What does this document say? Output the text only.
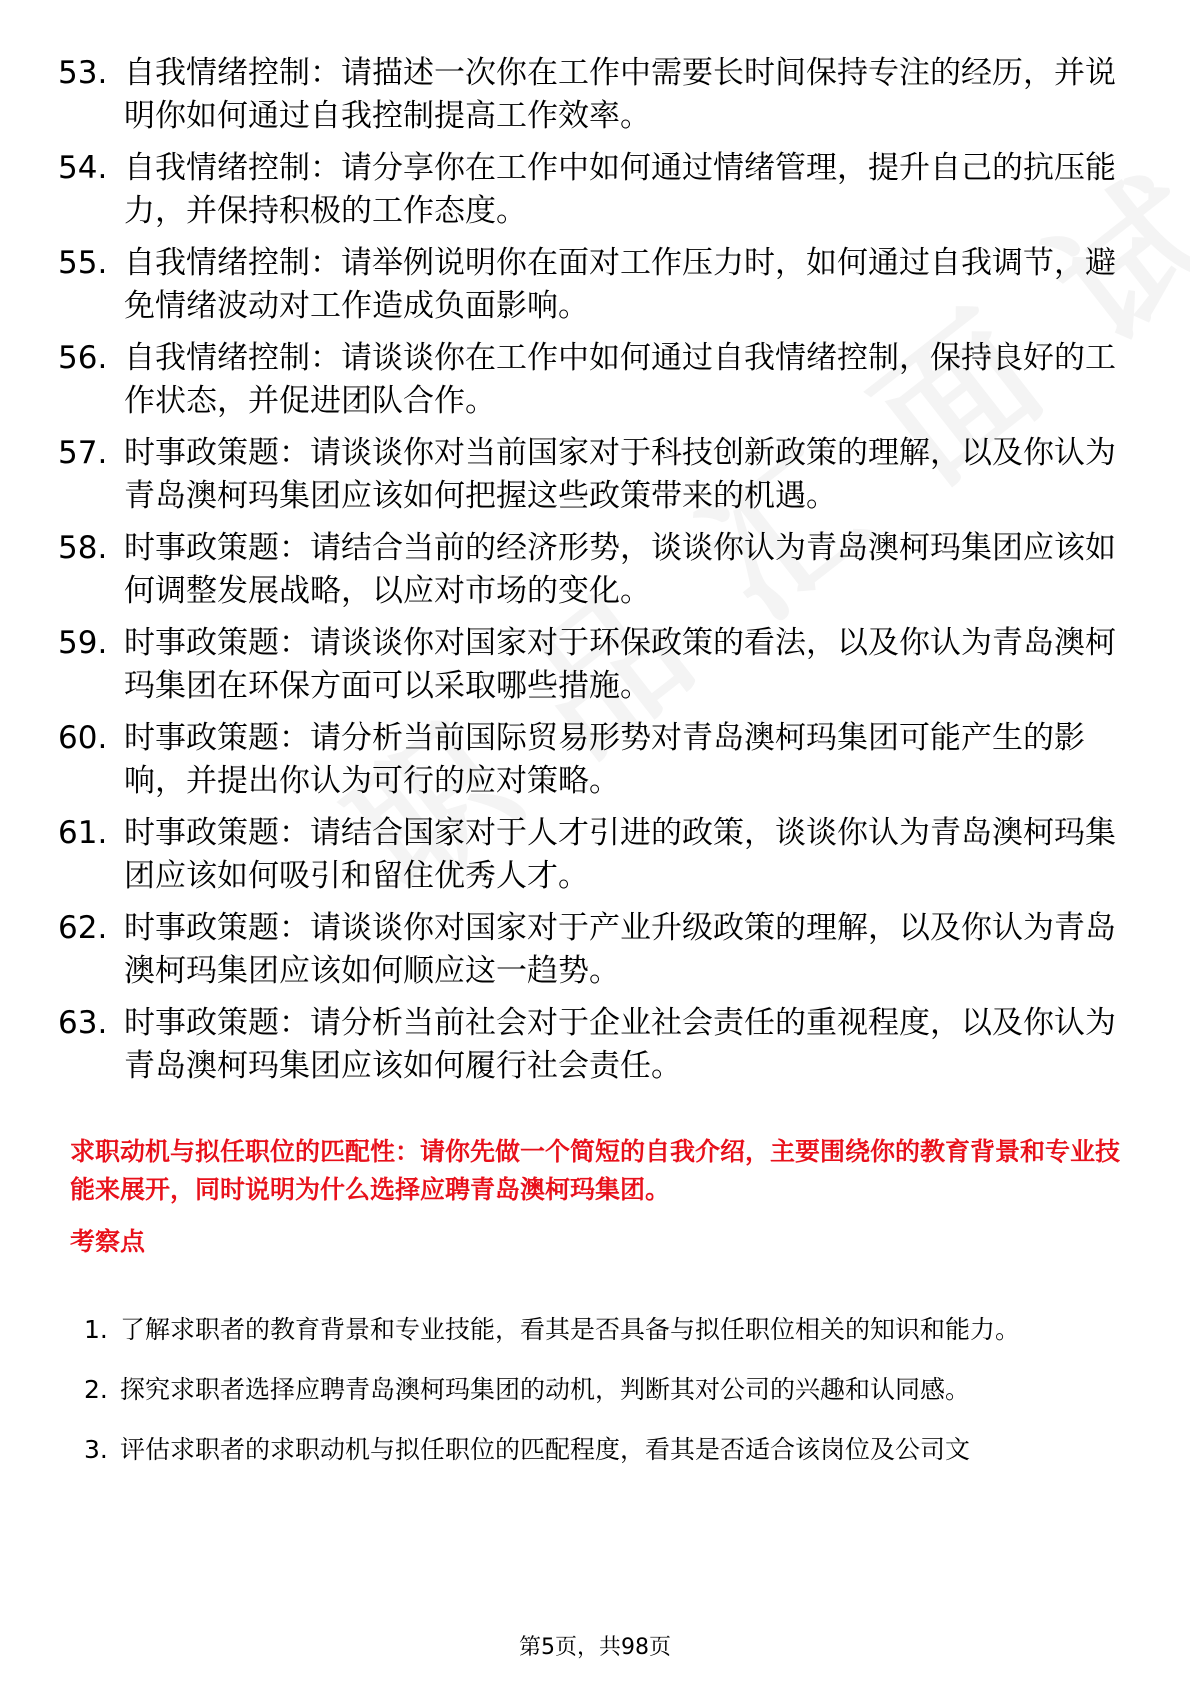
53. 自我情绪控制：请描述一次你在工作中需要长时间保持专注的经历，并说明你如何通过自我控制提高工作效率。
54. 自我情绪控制：请分享你在工作中如何通过情绪管理，提升自己的抗压能力，并保持积极的工作态度。
55. 自我情绪控制：请举例说明你在面对工作压力时，如何通过自我调节，避免情绪波动对工作造成负面影响。
56. 自我情绪控制：请谈谈你在工作中如何通过自我情绪控制，保持良好的工作状态，并促进团队合作。
57. 时事政策题：请谈谈你对当前国家对于科技创新政策的理解，以及你认为青岛澳柯玛集团应该如何把握这些政策带来的机遇。
58. 时事政策题：请结合当前的经济形势，谈谈你认为青岛澳柯玛集团应该如何调整发展战略，以应对市场的变化。
59. 时事政策题：请谈谈你对国家对于环保政策的看法，以及你认为青岛澳柯玛集团在环保方面可以采取哪些措施。
60. 时事政策题：请分析当前国际贸易形势对青岛澳柯玛集团可能产生的影响，并提出你认为可行的应对策略。
61. 时事政策题：请结合国家对于人才引进的政策，谈谈你认为青岛澳柯玛集团应该如何吸引和留住优秀人才。
62. 时事政策题：请谈谈你对国家对于产业升级政策的理解，以及你认为青岛澳柯玛集团应该如何顺应这一趋势。
63. 时事政策题：请分析当前社会对于企业社会责任的重视程度，以及你认为青岛澳柯玛集团应该如何履行社会责任。
求职动机与拟任职位的匹配性：请你先做一个简短的自我介绍，主要围绕你的教育背景和专业技能来展开，同时说明为什么选择应聘青岛澳柯玛集团。
考察点
1. 了解求职者的教育背景和专业技能，看其是否具备与拟任职位相关的知识和能力。
2. 探究求职者选择应聘青岛澳柯玛集团的动机，判断其对公司的兴趣和认同感。
3. 评估求职者的求职动机与拟任职位的匹配程度，看其是否适合该岗位及公司文
第5页，共98页
